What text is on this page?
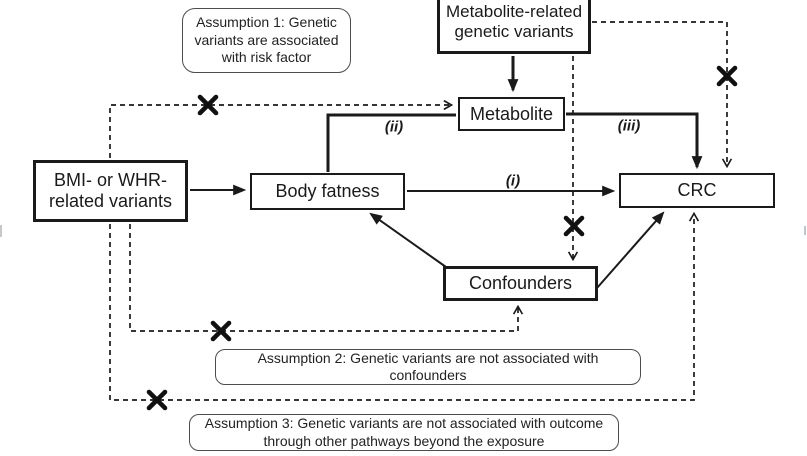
Metabolite-related
genetic variants
Metabolite
BMI- or WHR-
related variants	Body fatness	CRC
Confounders
Assumption 1: Genetic
variants are associated
with risk factor
Assumption 2: Genetic variants are not associated with
confounders
Assumption 3: Genetic variants are not associated with outcome
through other pathways beyond the exposure
(i)
(ii)	(iii)
